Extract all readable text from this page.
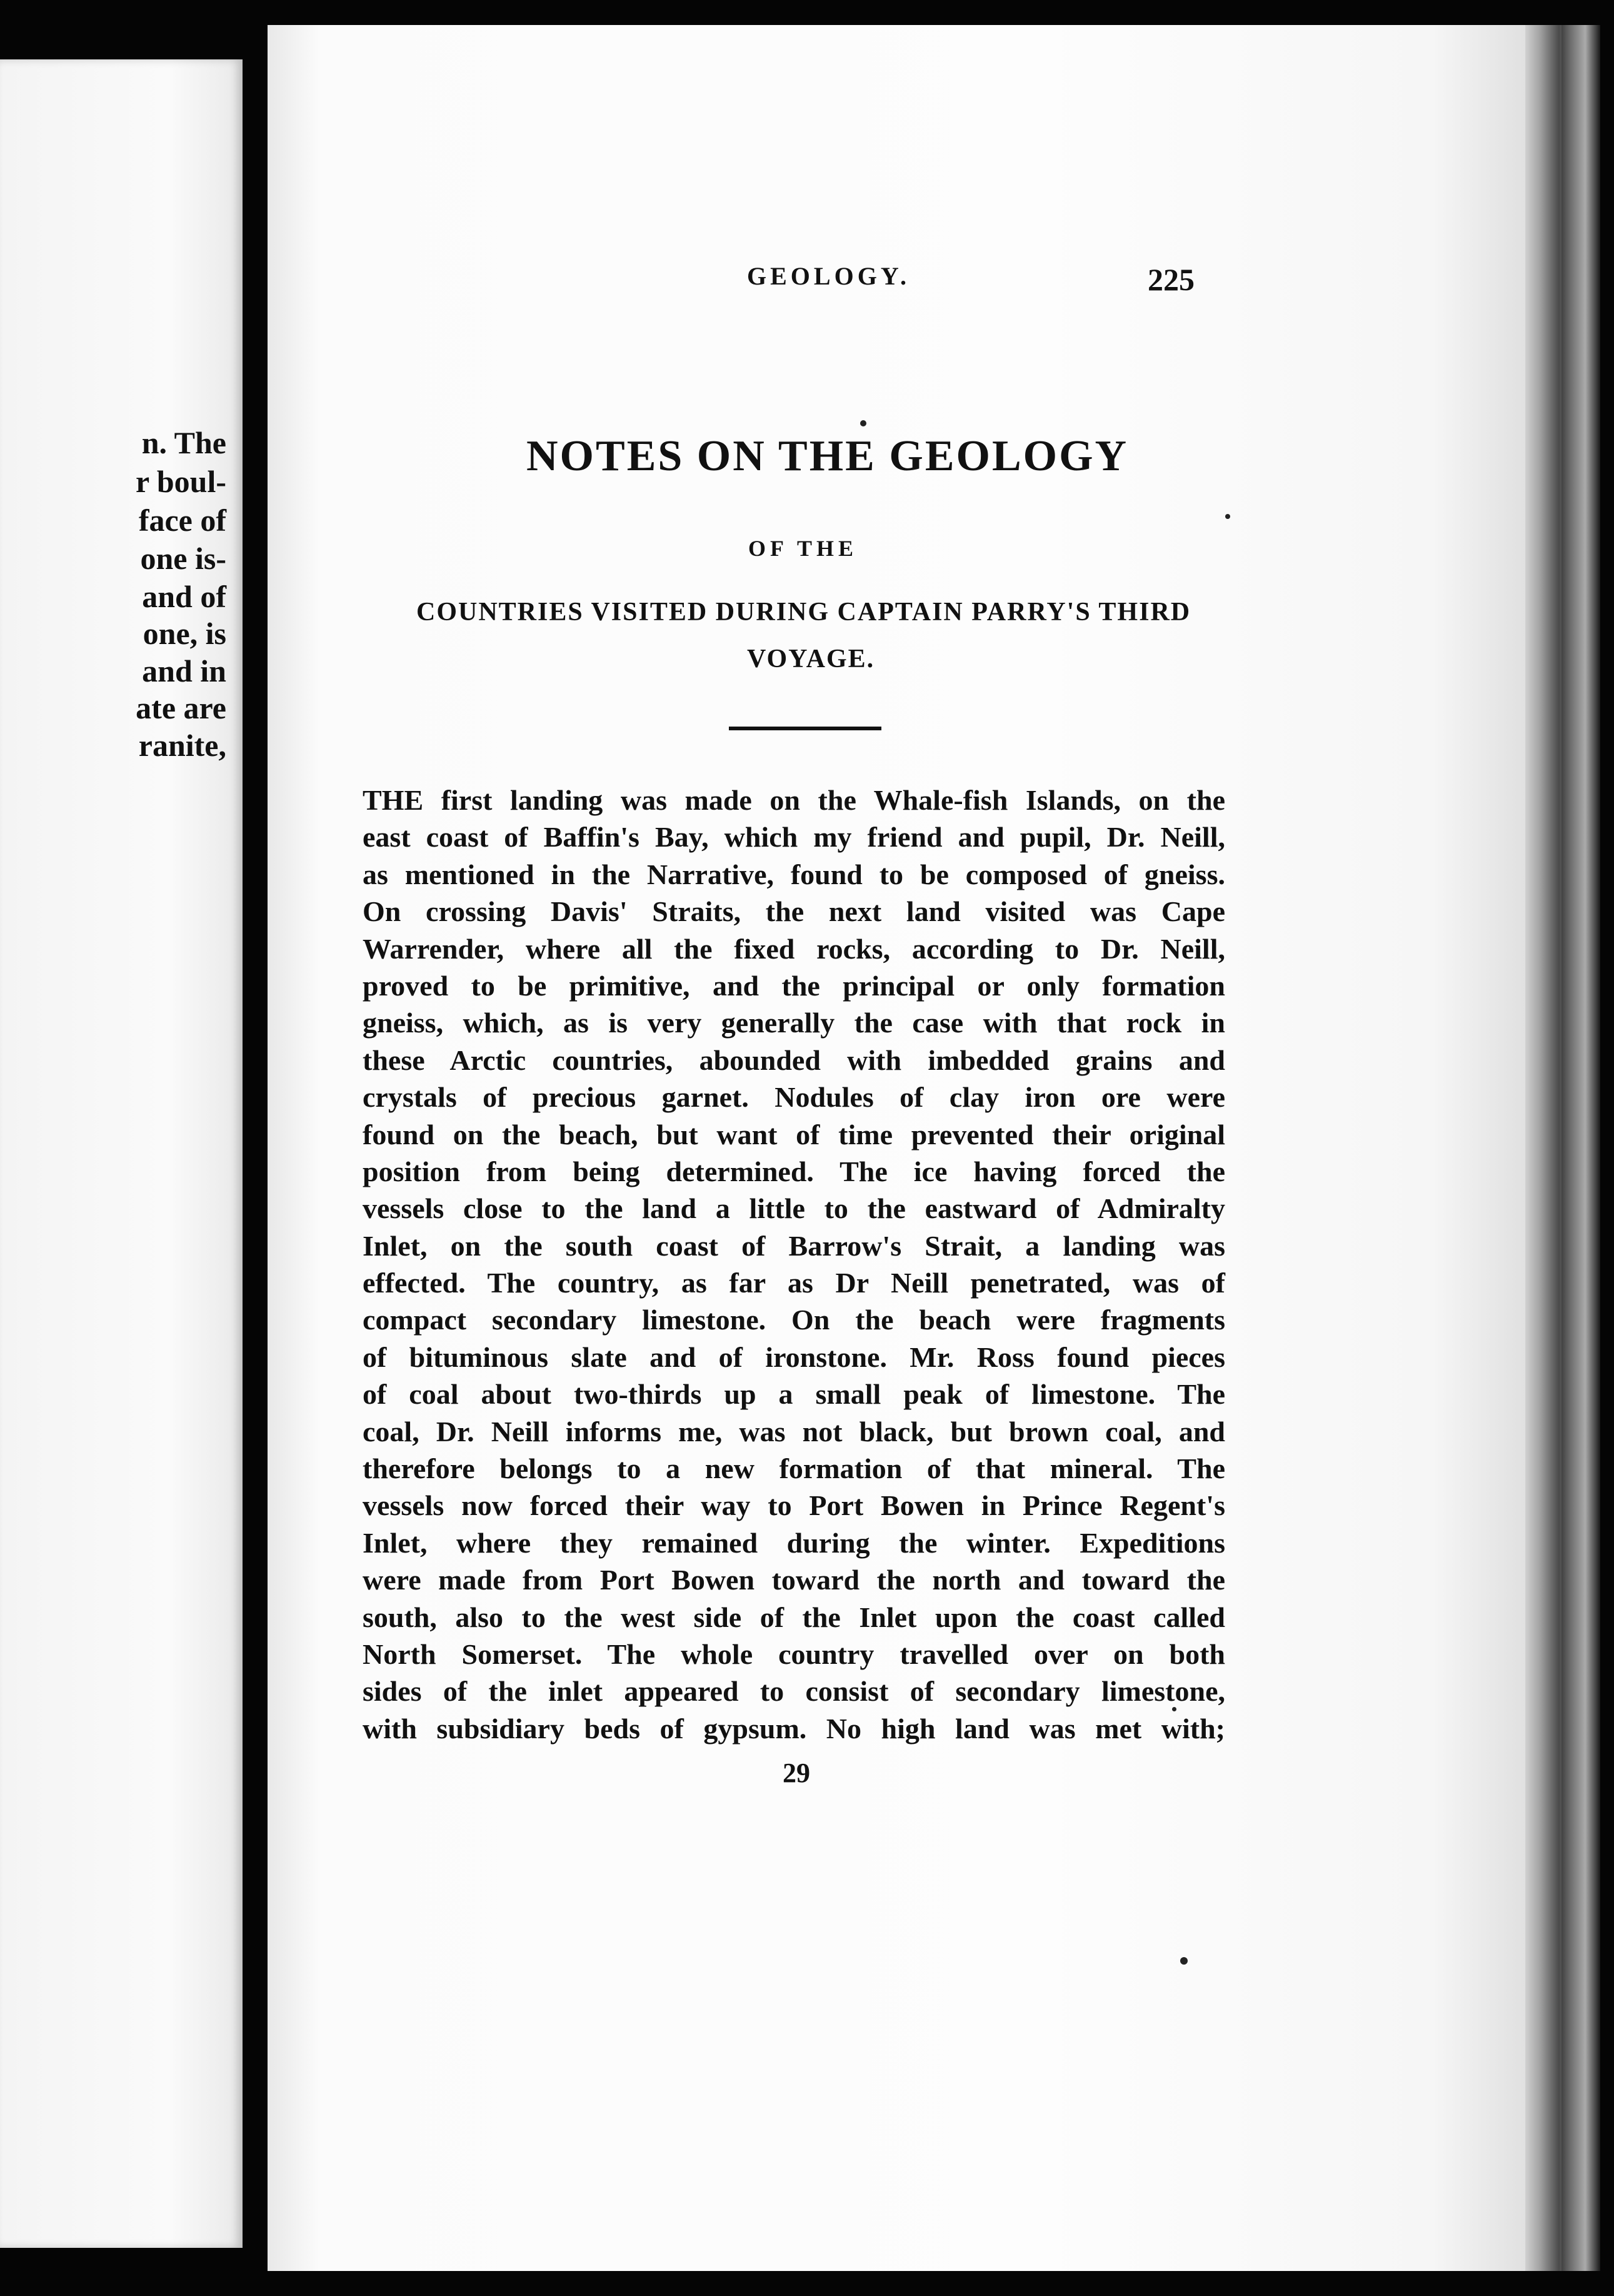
n. The
r boul-
face of
one is-
and of
one, is
and in
ate are
ranite,
GEOLOGY.	225
NOTES ON THE GEOLOGY
OF THE
COUNTRIES VISITED DURING CAPTAIN PARRY'S THIRD
VOYAGE.
THE first landing was made on the Whale-fish Islands, on the
east coast of Baffin's Bay, which my friend and pupil, Dr. Neill,
as mentioned in the Narrative, found to be composed of gneiss.
On crossing Davis' Straits, the next land visited was Cape
Warrender, where all the fixed rocks, according to Dr. Neill,
proved to be primitive, and the principal or only formation
gneiss, which, as is very generally the case with that rock in
these Arctic countries, abounded with imbedded grains and
crystals of precious garnet. Nodules of clay iron ore were
found on the beach, but want of time prevented their original
position from being determined. The ice having forced the
vessels close to the land a little to the eastward of Admiralty
Inlet, on the south coast of Barrow's Strait, a landing was
effected. The country, as far as Dr Neill penetrated, was of
compact secondary limestone. On the beach were fragments
of bituminous slate and of ironstone. Mr. Ross found pieces
of coal about two-thirds up a small peak of limestone. The
coal, Dr. Neill informs me, was not black, but brown coal, and
therefore belongs to a new formation of that mineral. The
vessels now forced their way to Port Bowen in Prince Regent's
Inlet, where they remained during the winter. Expeditions
were made from Port Bowen toward the north and toward the
south, also to the west side of the Inlet upon the coast called
North Somerset. The whole country travelled over on both
sides of the inlet appeared to consist of secondary limestone,
with subsidiary beds of gypsum. No high land was met with;
29
